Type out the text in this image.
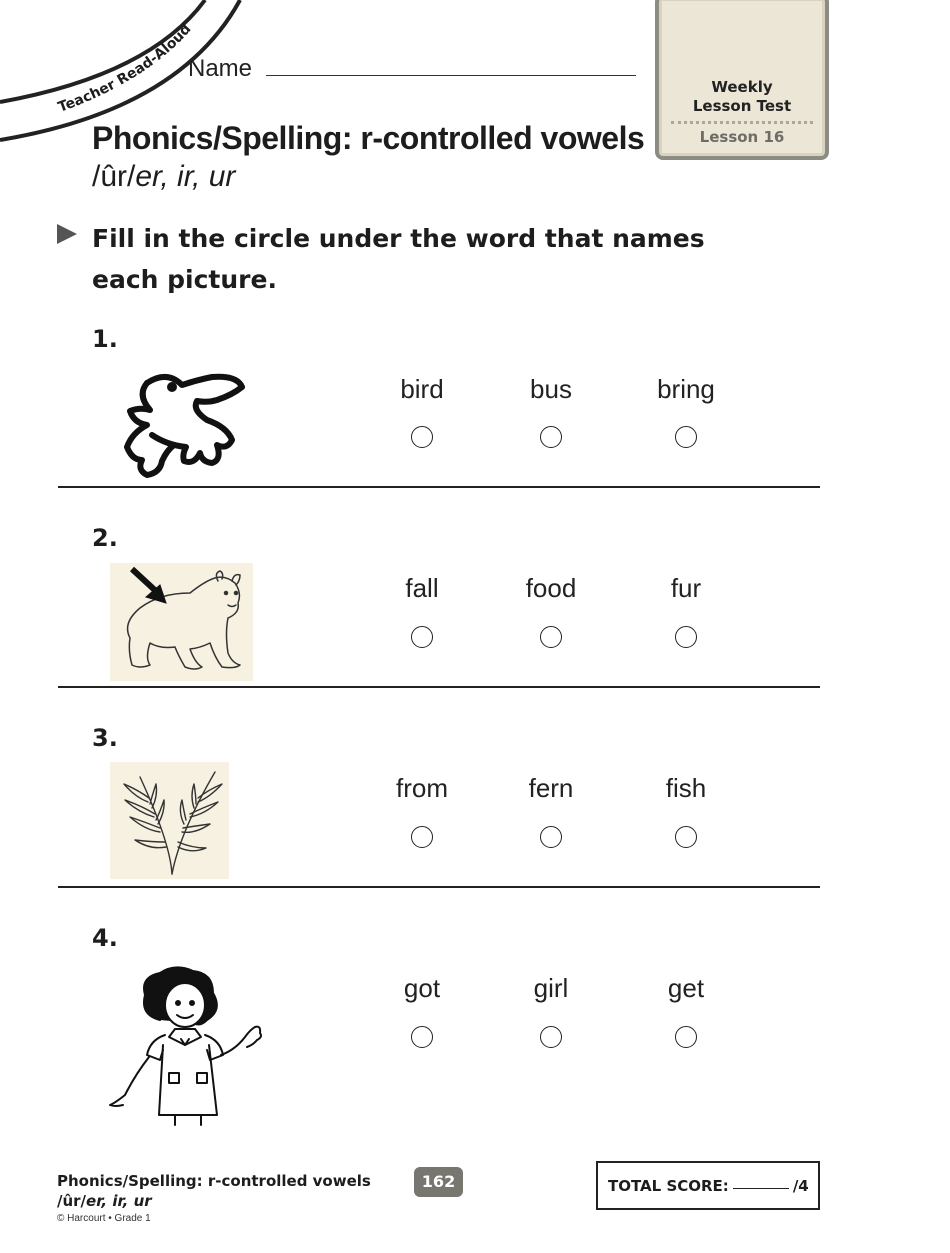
Teacher Read-Aloud
Name
Weekly
Lesson Test
Lesson 16
Phonics/Spelling: r-controlled vowels
/ûr/er, ir, ur
Fill in the circle under the word that names
each picture.
1.
bird	bus	bring
2.
fall	food	fur
3.
from	fern	fish
4.
got	girl	get
Phonics/Spelling: r-controlled vowels
/ûr/er, ir, ur
© Harcourt • Grade 1
162	TOTAL SCORE:	/4
